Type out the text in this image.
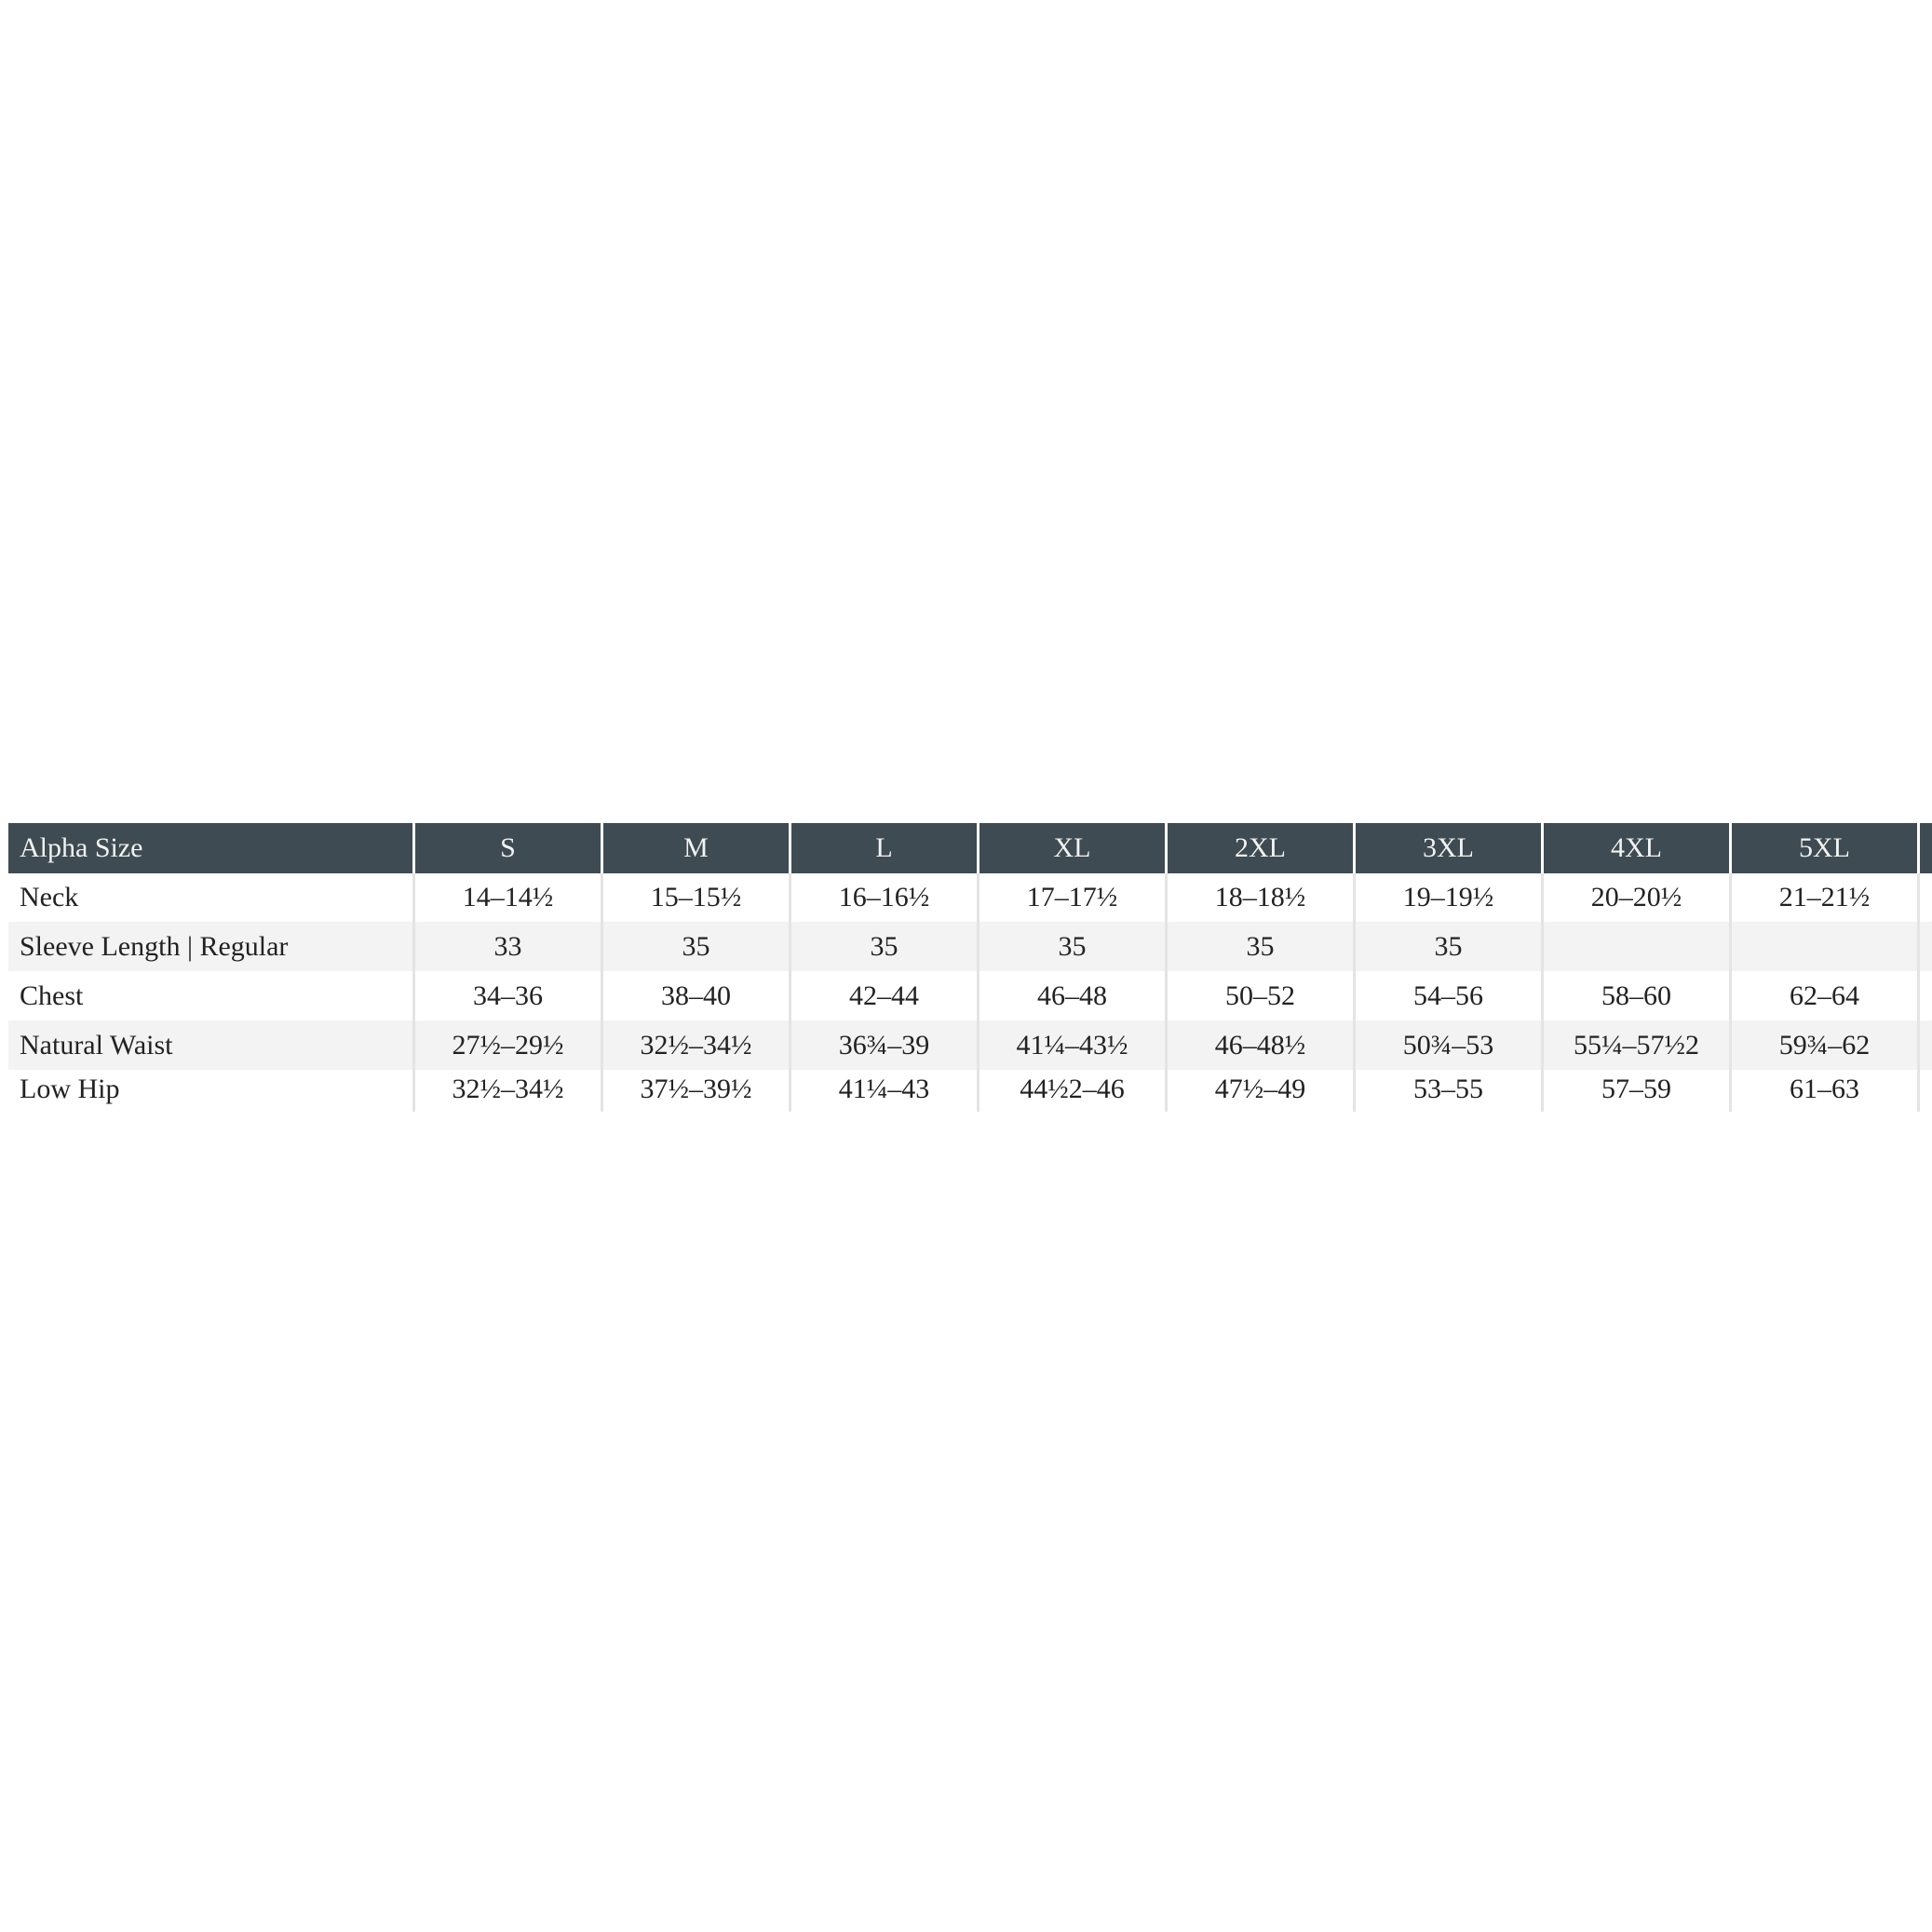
Alpha Size	S	M	L	XL	2XL	3XL	4XL	5XL	
Neck	14–14½	15–15½	16–16½	17–17½	18–18½	19–19½	20–20½	21–21½	
Sleeve Length | Regular	33	35	35	35	35	35			
Chest	34–36	38–40	42–44	46–48	50–52	54–56	58–60	62–64	
Natural Waist	27½–29½	32½–34½	36¾–39	41¼–43½	46–48½	50¾–53	55¼–57½2	59¾–62	
Low Hip	32½–34½	37½–39½	41¼–43	44½2–46	47½–49	53–55	57–59	61–63	
